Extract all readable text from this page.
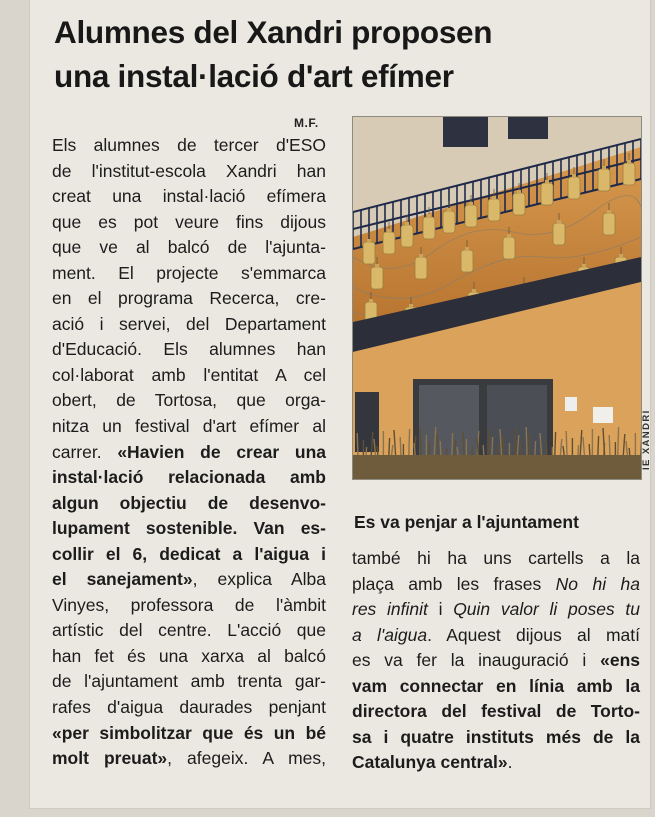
Alumnes del Xandri proposen
una instal·lació d'art efímer
M.F.
Els alumnes de tercer d'ESO
de l'institut-escola Xandri han
creat una instal·lació efímera
que es pot veure fins dijous
que ve al balcó de l'ajunta-
ment. El projecte s'emmarca
en el programa Recerca, cre-
ació i servei, del Departament
d'Educació. Els alumnes han
col·laborat amb l'entitat A cel
obert, de Tortosa, que orga-
nitza un festival d'art efímer al
carrer. «Havien de crear una
instal·lació relacionada amb
algun objectiu de desenvo-
lupament sostenible. Van es-
collir el 6, dedicat a l'aigua i
el sanejament», explica Alba
Vinyes, professora de l'àmbit
artístic del centre. L'acció que
han fet és una xarxa al balcó
de l'ajuntament amb trenta gar-
rafes d'aigua daurades penjant
«per simbolitzar que és un bé
molt preuat», afegeix. A mes,
IE XANDRI
Es va penjar a l'ajuntament
també hi ha uns cartells a la
plaça amb les frases No hi ha
res infinit i Quin valor li poses tu
a l'aigua. Aquest dijous al matí
es va fer la inauguració i «ens
vam connectar en línia amb la
directora del festival de Torto-
sa i quatre instituts més de la
Catalunya central».
